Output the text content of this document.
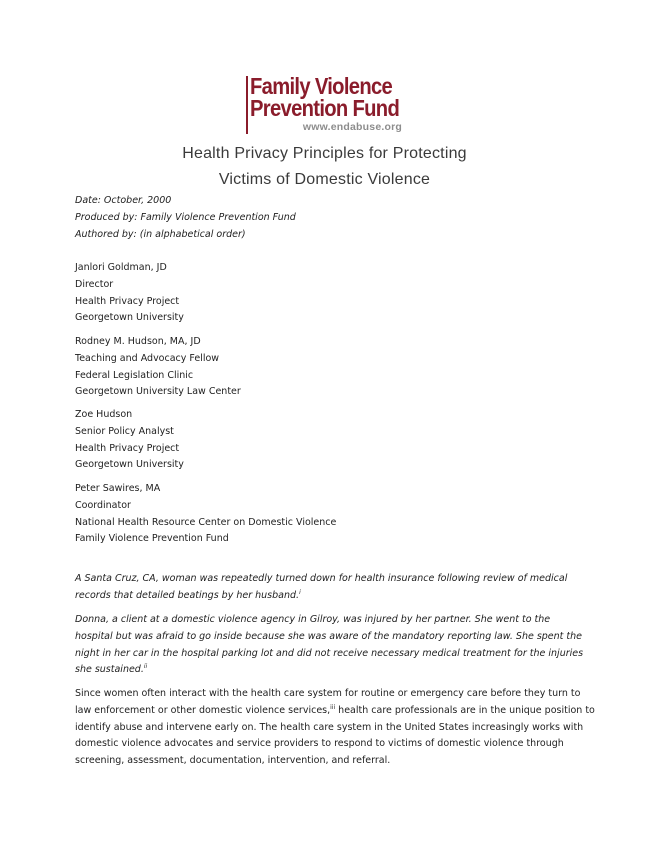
Family Violence
Prevention Fund
www.endabuse.org
Health Privacy Principles for Protecting
Victims of Domestic Violence
Date: October, 2000
Produced by: Family Violence Prevention Fund
Authored by: (in alphabetical order)
Janlori Goldman, JD
Director
Health Privacy Project
Georgetown University
Rodney M. Hudson, MA, JD
Teaching and Advocacy Fellow
Federal Legislation Clinic
Georgetown University Law Center
Zoe Hudson
Senior Policy Analyst
Health Privacy Project
Georgetown University
Peter Sawires, MA
Coordinator
National Health Resource Center on Domestic Violence
Family Violence Prevention Fund
A Santa Cruz, CA, woman was repeatedly turned down for health insurance following review of medical
records that detailed beatings by her husband.$^i$
Donna, a client at a domestic violence agency in Gilroy, was injured by her partner. She went to the
hospital but was afraid to go inside because she was aware of the mandatory reporting law. She spent the
night in her car in the hospital parking lot and did not receive necessary medical treatment for the injuries
she sustained.$^{ii}$
Since women often interact with the health care system for routine or emergency care before they turn to
law enforcement or other domestic violence services,$^{iii}$ health care professionals are in the unique position to
identify abuse and intervene early on. The health care system in the United States increasingly works with
domestic violence advocates and service providers to respond to victims of domestic violence through
screening, assessment, documentation, intervention, and referral.
